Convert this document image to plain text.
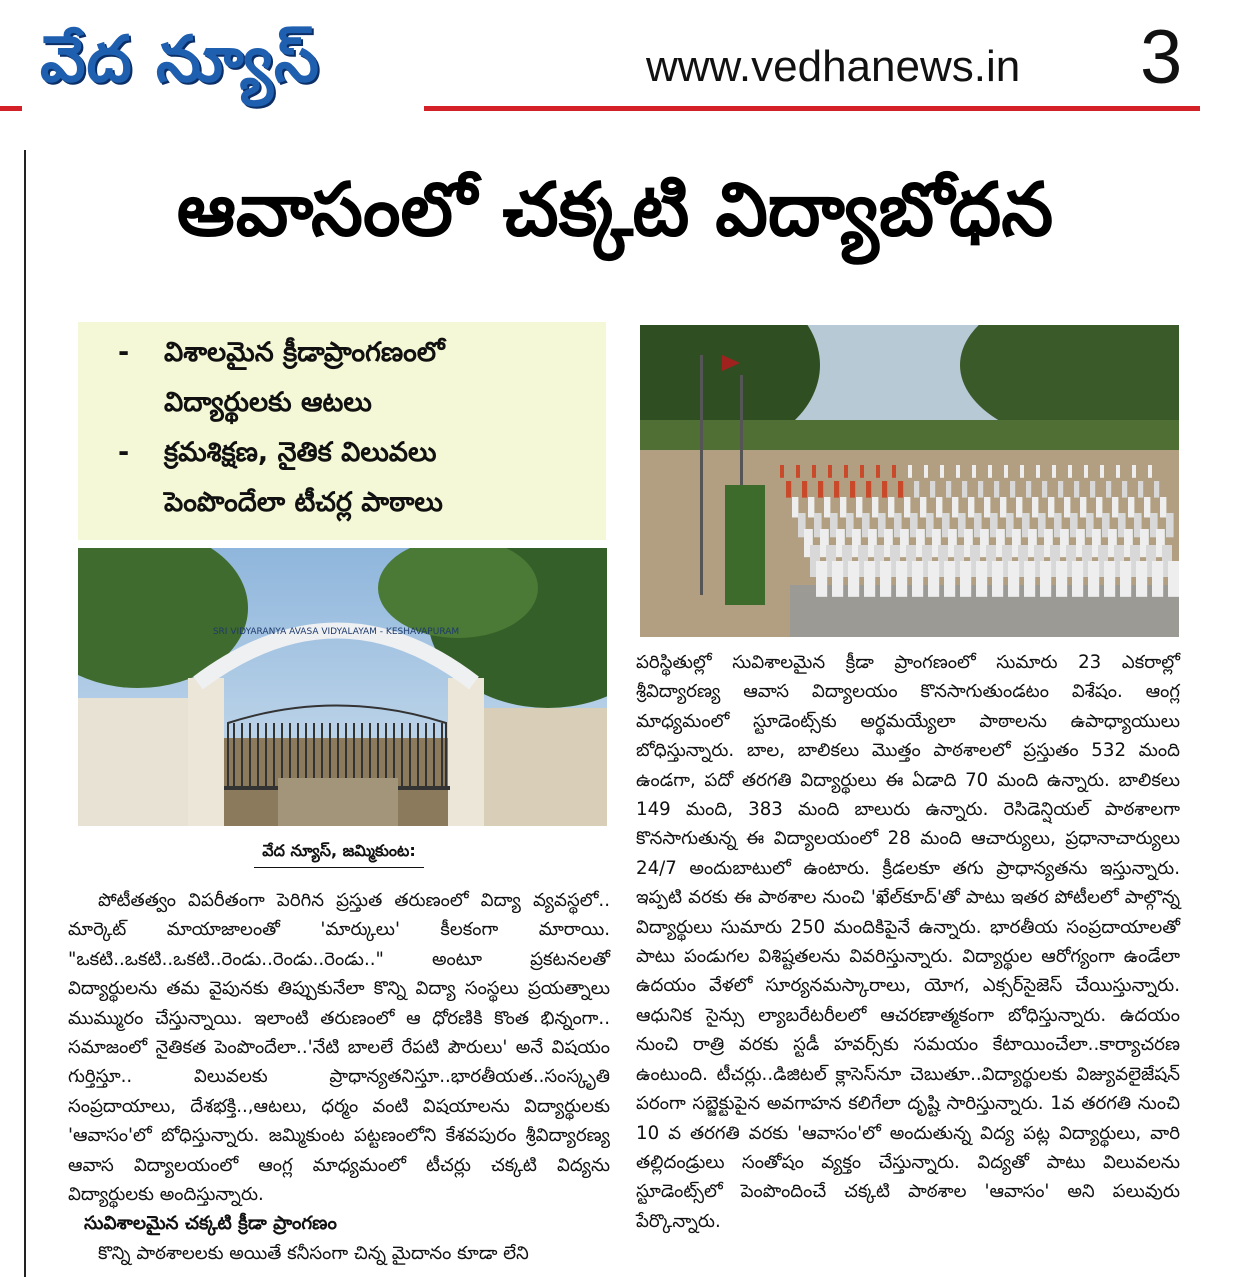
వేద న్యూస్	www.vedhanews.in 3
ఆవాసంలో చక్కటి విద్యాబోధన
- విశాలమైన క్రీడాప్రాంగణంలో
విద్యార్థులకు ఆటలు
- క్రమశిక్షణ, నైతిక విలువలు
పెంపొందేలా టీచర్ల పాఠాలు
SRI VIDYARANYA AVASA VIDYALAYAM - KESHAVAPURAM
వేద న్యూస్, జమ్మికుంట:

పోటీతత్వం విపరీతంగా పెరిగిన ప్రస్తుత తరుణంలో విద్యా వ్యవస్థలో.. మార్కెట్ మాయాజాలంతో 'మార్కులు' కీలకంగా మారాయి. "ఒకటి..ఒకటి..ఒకటి..రెండు..రెండు..రెండు.." అంటూ ప్రకటనలతో విద్యార్థులను తమ వైపునకు తిప్పుకునేలా కొన్ని విద్యా సంస్థలు ప్రయత్నాలు ముమ్మురం చేస్తున్నాయి. ఇలాంటి తరుణంలో ఆ ధోరణికి కొంత భిన్నంగా.. సమాజంలో నైతికత పెంపొందేలా..'నేటి బాలలే రేపటి పౌరులు' అనే విషయం గుర్తిస్తూ.. విలువలకు ప్రాధాన్యతనిస్తూ..భారతీయత..సంస్కృతి సంప్రదాయాలు, దేశభక్తి..,ఆటలు, ధర్మం వంటి విషయాలను విద్యార్థులకు 'ఆవాసం'లో బోధిస్తున్నారు. జమ్మికుంట పట్టణంలోని కేశవపురం శ్రీవిద్యారణ్య ఆవాస విద్యాలయంలో ఆంగ్ల మాధ్యమంలో టీచర్లు చక్కటి విద్యను విద్యార్థులకు అందిస్తున్నారు.

సువిశాలమైన చక్కటి క్రీడా ప్రాంగణం

కొన్ని పాఠశాలలకు అయితే కనీసంగా చిన్న మైదానం కూడా లేని

పరిస్థితుల్లో సువిశాలమైన క్రీడా ప్రాంగణంలో సుమారు 23 ఎకరాల్లో శ్రీవిద్యారణ్య ఆవాస విద్యాలయం కొనసాగుతుండటం విశేషం. ఆంగ్ల మాధ్యమంలో స్టూడెంట్స్‌కు అర్థమయ్యేలా పాఠాలను ఉపాధ్యాయులు బోధిస్తున్నారు. బాల, బాలికలు మొత్తం పాఠశాలలో ప్రస్తుతం 532 మంది ఉండగా, పదో తరగతి విద్యార్థులు ఈ ఏడాది 70 మంది ఉన్నారు. బాలికలు 149 మంది, 383 మంది బాలురు ఉన్నారు. రెసిడెన్షియల్ పాఠశాలగా కొనసాగుతున్న ఈ విద్యాలయంలో 28 మంది ఆచార్యులు, ప్రధానాచార్యులు 24/7 అందుబాటులో ఉంటారు. క్రీడలకూ తగు ప్రాధాన్యతను ఇస్తున్నారు. ఇప్పటి వరకు ఈ పాఠశాల నుంచి 'ఖేల్‌కూద్'తో పాటు ఇతర పోటీలలో పాల్గొన్న విద్యార్థులు సుమారు 250 మందికిపైనే ఉన్నారు. భారతీయ సంప్రదాయాలతో పాటు పండుగల విశిష్టతలను వివరిస్తున్నారు. విద్యార్థుల ఆరోగ్యంగా ఉండేలా ఉదయం వేళలో సూర్యనమస్కారాలు, యోగ, ఎక్సర్‌సైజెస్ చేయిస్తున్నారు. ఆధునిక సైన్సు ల్యాబరేటరీలలో ఆచరణాత్మకంగా బోధిస్తున్నారు. ఉదయం నుంచి రాత్రి వరకు స్టడీ హవర్స్‌కు సమయం కేటాయించేలా..కార్యాచరణ ఉంటుంది. టీచర్లు..డిజిటల్ క్లాసెస్‌నూ చెబుతూ..విద్యార్థులకు విజ్యువలైజేషన్ పరంగా సబ్జెక్టుపైన అవగాహన కలిగేలా దృష్టి సారిస్తున్నారు. 1వ తరగతి నుంచి 10 వ తరగతి వరకు 'ఆవాసం'లో అందుతున్న విద్య పట్ల విద్యార్థులు, వారి తల్లిదండ్రులు సంతోషం వ్యక్తం చేస్తున్నారు. విద్యతో పాటు విలువలను స్టూడెంట్స్‌లో పెంపొందించే చక్కటి పాఠశాల 'ఆవాసం' అని పలువురు పేర్కొన్నారు.
